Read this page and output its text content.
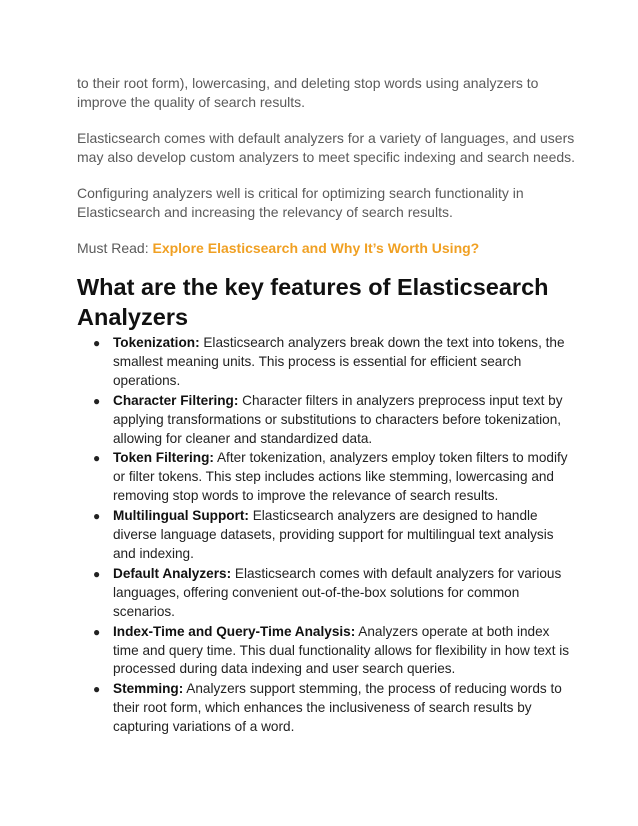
to their root form), lowercasing, and deleting stop words using analyzers to improve the quality of search results.

Elasticsearch comes with default analyzers for a variety of languages, and users may also develop custom analyzers to meet specific indexing and search needs.

Configuring analyzers well is critical for optimizing search functionality in Elasticsearch and increasing the relevancy of search results.

Must Read: Explore Elasticsearch and Why It’s Worth Using?

What are the key features of Elasticsearch Analyzers
● Tokenization: Elasticsearch analyzers break down the text into tokens, the smallest meaning units. This process is essential for efficient search operations.
● Character Filtering: Character filters in analyzers preprocess input text by applying transformations or substitutions to characters before tokenization, allowing for cleaner and standardized data.
● Token Filtering: After tokenization, analyzers employ token filters to modify or filter tokens. This step includes actions like stemming, lowercasing and removing stop words to improve the relevance of search results.
● Multilingual Support: Elasticsearch analyzers are designed to handle diverse language datasets, providing support for multilingual text analysis and indexing.
● Default Analyzers: Elasticsearch comes with default analyzers for various languages, offering convenient out-of-the-box solutions for common scenarios.
● Index-Time and Query-Time Analysis: Analyzers operate at both index time and query time. This dual functionality allows for flexibility in how text is processed during data indexing and user search queries.
● Stemming: Analyzers support stemming, the process of reducing words to their root form, which enhances the inclusiveness of search results by capturing variations of a word.
